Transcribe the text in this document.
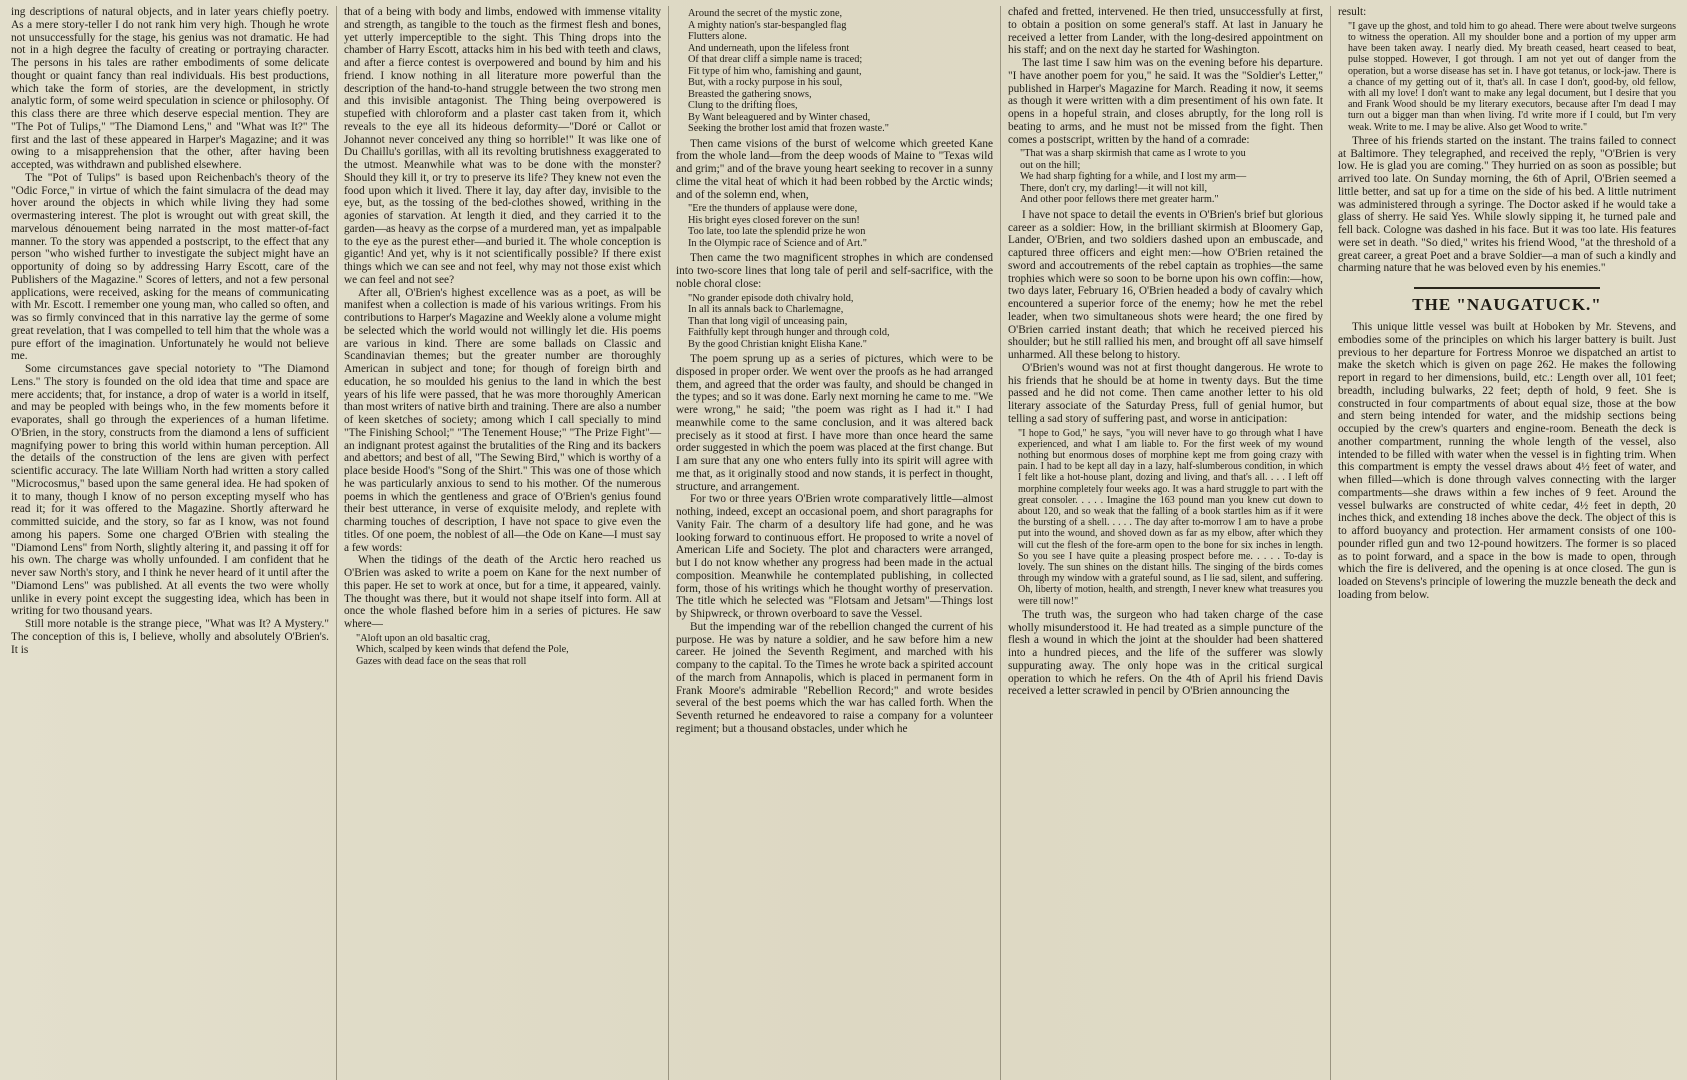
ing descriptions of natural objects, and in later years chiefly poetry. As a mere story-teller I do not rank him very high. Though he wrote not unsuccessfully for the stage, his genius was not dramatic. He had not in a high degree the faculty of creating or portraying character. The persons in his tales are rather embodiments of some delicate thought or quaint fancy than real individuals. His best productions, which take the form of stories, are the development, in strictly analytic form, of some weird speculation in science or philosophy. Of this class there are three which deserve especial mention. They are "The Pot of Tulips," "The Diamond Lens," and "What was It?" The first and the last of these appeared in Harper's Magazine; and it was owing to a misapprehension that the other, after having been accepted, was withdrawn and published elsewhere.

The "Pot of Tulips" is based upon Reichenbach's theory of the "Odic Force," in virtue of which the faint simulacra of the dead may hover around the objects in which while living they had some overmastering interest. The plot is wrought out with great skill, the marvelous dénouement being narrated in the most matter-of-fact manner. To the story was appended a postscript, to the effect that any person "who wished further to investigate the subject might have an opportunity of doing so by addressing Harry Escott, care of the Publishers of the Magazine." Scores of letters, and not a few personal applications, were received, asking for the means of communicating with Mr. Escott. I remember one young man, who called so often, and was so firmly convinced that in this narrative lay the germe of some great revelation, that I was compelled to tell him that the whole was a pure effort of the imagination. Unfortunately he would not believe me.

Some circumstances gave special notoriety to "The Diamond Lens." The story is founded on the old idea that time and space are mere accidents; that, for instance, a drop of water is a world in itself, and may be peopled with beings who, in the few moments before it evaporates, shall go through the experiences of a human lifetime. O'Brien, in the story, constructs from the diamond a lens of sufficient magnifying power to bring this world within human perception. All the details of the construction of the lens are given with perfect scientific accuracy. The late William North had written a story called "Microcosmus," based upon the same general idea. He had spoken of it to many, though I know of no person excepting myself who has read it; for it was offered to the Magazine. Shortly afterward he committed suicide, and the story, so far as I know, was not found among his papers. Some one charged O'Brien with stealing the "Diamond Lens" from North, slightly altering it, and passing it off for his own. The charge was wholly unfounded. I am confident that he never saw North's story, and I think he never heard of it until after the "Diamond Lens" was published. At all events the two were wholly unlike in every point except the suggesting idea, which has been in writing for two thousand years.

Still more notable is the strange piece, "What was It? A Mystery." The conception of this is, I believe, wholly and absolutely O'Brien's. It is

that of a being with body and limbs, endowed with immense vitality and strength, as tangible to the touch as the firmest flesh and bones, yet utterly imperceptible to the sight. This Thing drops into the chamber of Harry Escott, attacks him in his bed with teeth and claws, and after a fierce contest is overpowered and bound by him and his friend. I know nothing in all literature more powerful than the description of the hand-to-hand struggle between the two strong men and this invisible antagonist. The Thing being overpowered is stupefied with chloroform and a plaster cast taken from it, which reveals to the eye all its hideous deformity—"Doré or Callot or Johannot never conceived any thing so horrible!" It was like one of Du Chaillu's gorillas, with all its revolting brutishness exaggerated to the utmost. Meanwhile what was to be done with the monster? Should they kill it, or try to preserve its life? They knew not even the food upon which it lived. There it lay, day after day, invisible to the eye, but, as the tossing of the bed-clothes showed, writhing in the agonies of starvation. At length it died, and they carried it to the garden—as heavy as the corpse of a murdered man, yet as impalpable to the eye as the purest ether—and buried it. The whole conception is gigantic! And yet, why is it not scientifically possible? If there exist things which we can see and not feel, why may not those exist which we can feel and not see?

After all, O'Brien's highest excellence was as a poet, as will be manifest when a collection is made of his various writings. From his contributions to Harper's Magazine and Weekly alone a volume might be selected which the world would not willingly let die. His poems are various in kind. There are some ballads on Classic and Scandinavian themes; but the greater number are thoroughly American in subject and tone; for though of foreign birth and education, he so moulded his genius to the land in which the best years of his life were passed, that he was more thoroughly American than most writers of native birth and training. There are also a number of keen sketches of society; among which I call specially to mind "The Finishing School;" "The Tenement House;" "The Prize Fight"—an indignant protest against the brutalities of the Ring and its backers and abettors; and best of all, "The Sewing Bird," which is worthy of a place beside Hood's "Song of the Shirt." This was one of those which he was particularly anxious to send to his mother. Of the numerous poems in which the gentleness and grace of O'Brien's genius found their best utterance, in verse of exquisite melody, and replete with charming touches of description, I have not space to give even the titles. Of one poem, the noblest of all—the Ode on Kane—I must say a few words:

When the tidings of the death of the Arctic hero reached us O'Brien was asked to write a poem on Kane for the next number of this paper. He set to work at once, but for a time, it appeared, vainly. The thought was there, but it would not shape itself into form. All at once the whole flashed before him in a series of pictures. He saw where—

"Aloft upon an old basaltic crag,
Which, scalped by keen winds that defend the Pole,
Gazes with dead face on the seas that roll

Around the secret of the mystic zone,
A mighty nation's star-bespangled flag
Flutters alone.
And underneath, upon the lifeless front
Of that drear cliff a simple name is traced;
Fit type of him who, famishing and gaunt,
But, with a rocky purpose in his soul,
Breasted the gathering snows,
Clung to the drifting floes,
By Want beleaguered and by Winter chased,
Seeking the brother lost amid that frozen waste."

Then came visions of the burst of welcome which greeted Kane from the whole land—from the deep woods of Maine to "Texas wild and grim;" and of the brave young heart seeking to recover in a sunny clime the vital heat of which it had been robbed by the Arctic winds; and of the solemn end, when,

"Ere the thunders of applause were done,
His bright eyes closed forever on the sun!
Too late, too late the splendid prize he won
In the Olympic race of Science and of Art."

Then came the two magnificent strophes in which are condensed into two-score lines that long tale of peril and self-sacrifice, with the noble choral close:

"No grander episode doth chivalry hold,
In all its annals back to Charlemagne,
Than that long vigil of unceasing pain,
Faithfully kept through hunger and through cold,
By the good Christian knight Elisha Kane."

The poem sprung up as a series of pictures, which were to be disposed in proper order. We went over the proofs as he had arranged them, and agreed that the order was faulty, and should be changed in the types; and so it was done. Early next morning he came to me. "We were wrong," he said; "the poem was right as I had it." I had meanwhile come to the same conclusion, and it was altered back precisely as it stood at first. I have more than once heard the same order suggested in which the poem was placed at the first change. But I am sure that any one who enters fully into its spirit will agree with me that, as it originally stood and now stands, it is perfect in thought, structure, and arrangement.

For two or three years O'Brien wrote comparatively little—almost nothing, indeed, except an occasional poem, and short paragraphs for Vanity Fair. The charm of a desultory life had gone, and he was looking forward to continuous effort. He proposed to write a novel of American Life and Society. The plot and characters were arranged, but I do not know whether any progress had been made in the actual composition. Meanwhile he contemplated publishing, in collected form, those of his writings which he thought worthy of preservation. The title which he selected was "Flotsam and Jetsam"—Things lost by Shipwreck, or thrown overboard to save the Vessel.

But the impending war of the rebellion changed the current of his purpose. He was by nature a soldier, and he saw before him a new career. He joined the Seventh Regiment, and marched with his company to the capital. To the Times he wrote back a spirited account of the march from Annapolis, which is placed in permanent form in Frank Moore's admirable "Rebellion Record;" and wrote besides several of the best poems which the war has called forth. When the Seventh returned he endeavored to raise a company for a volunteer regiment; but a thousand obstacles, under which he

chafed and fretted, intervened. He then tried, unsuccessfully at first, to obtain a position on some general's staff. At last in January he received a letter from Lander, with the long-desired appointment on his staff; and on the next day he started for Washington.

The last time I saw him was on the evening before his departure. "I have another poem for you," he said. It was the "Soldier's Letter," published in Harper's Magazine for March. Reading it now, it seems as though it were written with a dim presentiment of his own fate. It opens in a hopeful strain, and closes abruptly, for the long roll is beating to arms, and he must not be missed from the fight. Then comes a postscript, written by the hand of a comrade:

"That was a sharp skirmish that came as I wrote to you
out on the hill;
We had sharp fighting for a while, and I lost my arm—
There, don't cry, my darling!—it will not kill,
And other poor fellows there met greater harm."

I have not space to detail the events in O'Brien's brief but glorious career as a soldier: How, in the brilliant skirmish at Bloomery Gap, Lander, O'Brien, and two soldiers dashed upon an embuscade, and captured three officers and eight men:—how O'Brien retained the sword and accoutrements of the rebel captain as trophies—the same trophies which were so soon to be borne upon his own coffin:—how, two days later, February 16, O'Brien headed a body of cavalry which encountered a superior force of the enemy; how he met the rebel leader, when two simultaneous shots were heard; the one fired by O'Brien carried instant death; that which he received pierced his shoulder; but he still rallied his men, and brought off all save himself unharmed. All these belong to history.

O'Brien's wound was not at first thought dangerous. He wrote to his friends that he should be at home in twenty days. But the time passed and he did not come. Then came another letter to his old literary associate of the Saturday Press, full of genial humor, but telling a sad story of suffering past, and worse in anticipation:

"I hope to God," he says, "you will never have to go through what I have experienced, and what I am liable to. For the first week of my wound nothing but enormous doses of morphine kept me from going crazy with pain. I had to be kept all day in a lazy, half-slumberous condition, in which I felt like a hot-house plant, dozing and living, and that's all. . . . I left off morphine completely four weeks ago. It was a hard struggle to part with the great consoler. . . . . Imagine the 163 pound man you knew cut down to about 120, and so weak that the falling of a book startles him as if it were the bursting of a shell. . . . . The day after to-morrow I am to have a probe put into the wound, and shoved down as far as my elbow, after which they will cut the flesh of the fore-arm open to the bone for six inches in length. So you see I have quite a pleasing prospect before me. . . . . To-day is lovely. The sun shines on the distant hills. The singing of the birds comes through my window with a grateful sound, as I lie sad, silent, and suffering. Oh, liberty of motion, health, and strength, I never knew what treasures you were till now!"

The truth was, the surgeon who had taken charge of the case wholly misunderstood it. He had treated as a simple puncture of the flesh a wound in which the joint at the shoulder had been shattered into a hundred pieces, and the life of the sufferer was slowly suppurating away. The only hope was in the critical surgical operation to which he refers. On the 4th of April his friend Davis received a letter scrawled in pencil by O'Brien announcing the

result:

"I gave up the ghost, and told him to go ahead. There were about twelve surgeons to witness the operation. All my shoulder bone and a portion of my upper arm have been taken away. I nearly died. My breath ceased, heart ceased to beat, pulse stopped. However, I got through. I am not yet out of danger from the operation, but a worse disease has set in. I have got tetanus, or lock-jaw. There is a chance of my getting out of it, that's all. In case I don't, good-by, old fellow, with all my love! I don't want to make any legal document, but I desire that you and Frank Wood should be my literary executors, because after I'm dead I may turn out a bigger man than when living. I'd write more if I could, but I'm very weak. Write to me. I may be alive. Also get Wood to write."

Three of his friends started on the instant. The trains failed to connect at Baltimore. They telegraphed, and received the reply, "O'Brien is very low. He is glad you are coming." They hurried on as soon as possible; but arrived too late. On Sunday morning, the 6th of April, O'Brien seemed a little better, and sat up for a time on the side of his bed. A little nutriment was administered through a syringe. The Doctor asked if he would take a glass of sherry. He said Yes. While slowly sipping it, he turned pale and fell back. Cologne was dashed in his face. But it was too late. His features were set in death. "So died," writes his friend Wood, "at the threshold of a great career, a great Poet and a brave Soldier—a man of such a kindly and charming nature that he was beloved even by his enemies."

THE "NAUGATUCK."

This unique little vessel was built at Hoboken by Mr. Stevens, and embodies some of the principles on which his larger battery is built. Just previous to her departure for Fortress Monroe we dispatched an artist to make the sketch which is given on page 262. He makes the following report in regard to her dimensions, build, etc.: Length over all, 101 feet; breadth, including bulwarks, 22 feet; depth of hold, 9 feet. She is constructed in four compartments of about equal size, those at the bow and stern being intended for water, and the midship sections being occupied by the crew's quarters and engine-room. Beneath the deck is another compartment, running the whole length of the vessel, also intended to be filled with water when the vessel is in fighting trim. When this compartment is empty the vessel draws about 4½ feet of water, and when filled—which is done through valves connecting with the larger compartments—she draws within a few inches of 9 feet. Around the vessel bulwarks are constructed of white cedar, 4½ feet in depth, 20 inches thick, and extending 18 inches above the deck. The object of this is to afford buoyancy and protection. Her armament consists of one 100-pounder rifled gun and two 12-pound howitzers. The former is so placed as to point forward, and a space in the bow is made to open, through which the fire is delivered, and the opening is at once closed. The gun is loaded on Stevens's principle of lowering the muzzle beneath the deck and loading from below.
